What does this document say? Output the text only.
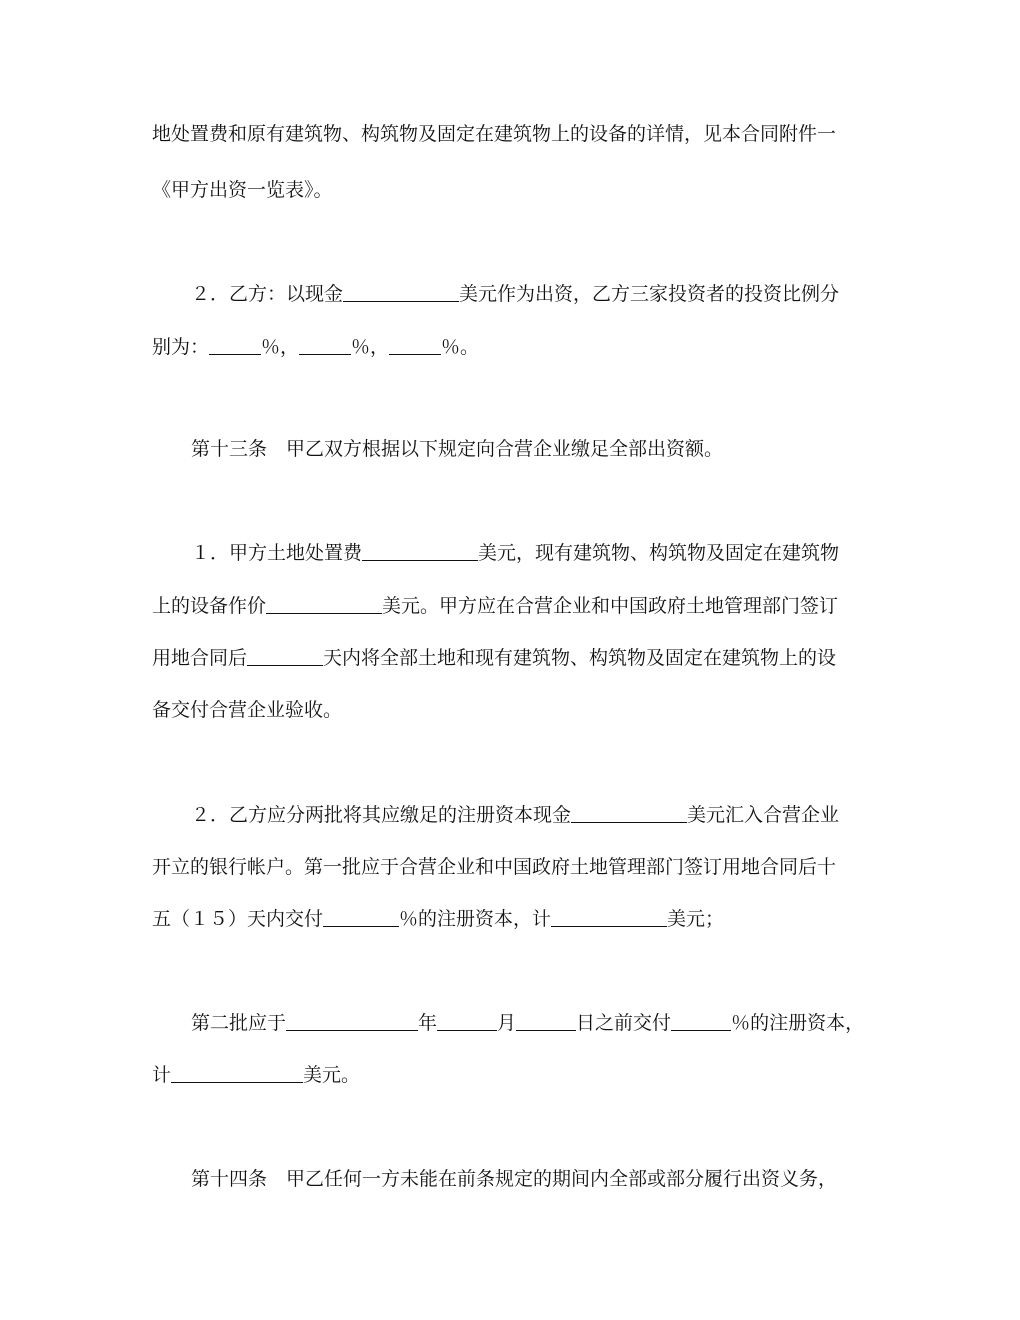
地处置费和原有建筑物、构筑物及固定在建筑物上的设备的详情，见本合同附件一
《甲方出资一览表》。
２．乙方：以现金	美元作为出资，乙方三家投资者的投资比例分
别为：	％，	％，	％。
第十三条　甲乙双方根据以下规定向合营企业缴足全部出资额。
１．甲方土地处置费	美元，现有建筑物、构筑物及固定在建筑物
上的设备作价	美元。甲方应在合营企业和中国政府土地管理部门签订
用地合同后	天内将全部土地和现有建筑物、构筑物及固定在建筑物上的设
备交付合营企业验收。
２．乙方应分两批将其应缴足的注册资本现金	美元汇入合营企业
开立的银行帐户。第一批应于合营企业和中国政府土地管理部门签订用地合同后十
五（１５）天内交付	％的注册资本，计	美元；
第二批应于	年	月	日之前交付	％的注册资本，
计	美元。
第十四条　甲乙任何一方未能在前条规定的期间内全部或部分履行出资义务，
